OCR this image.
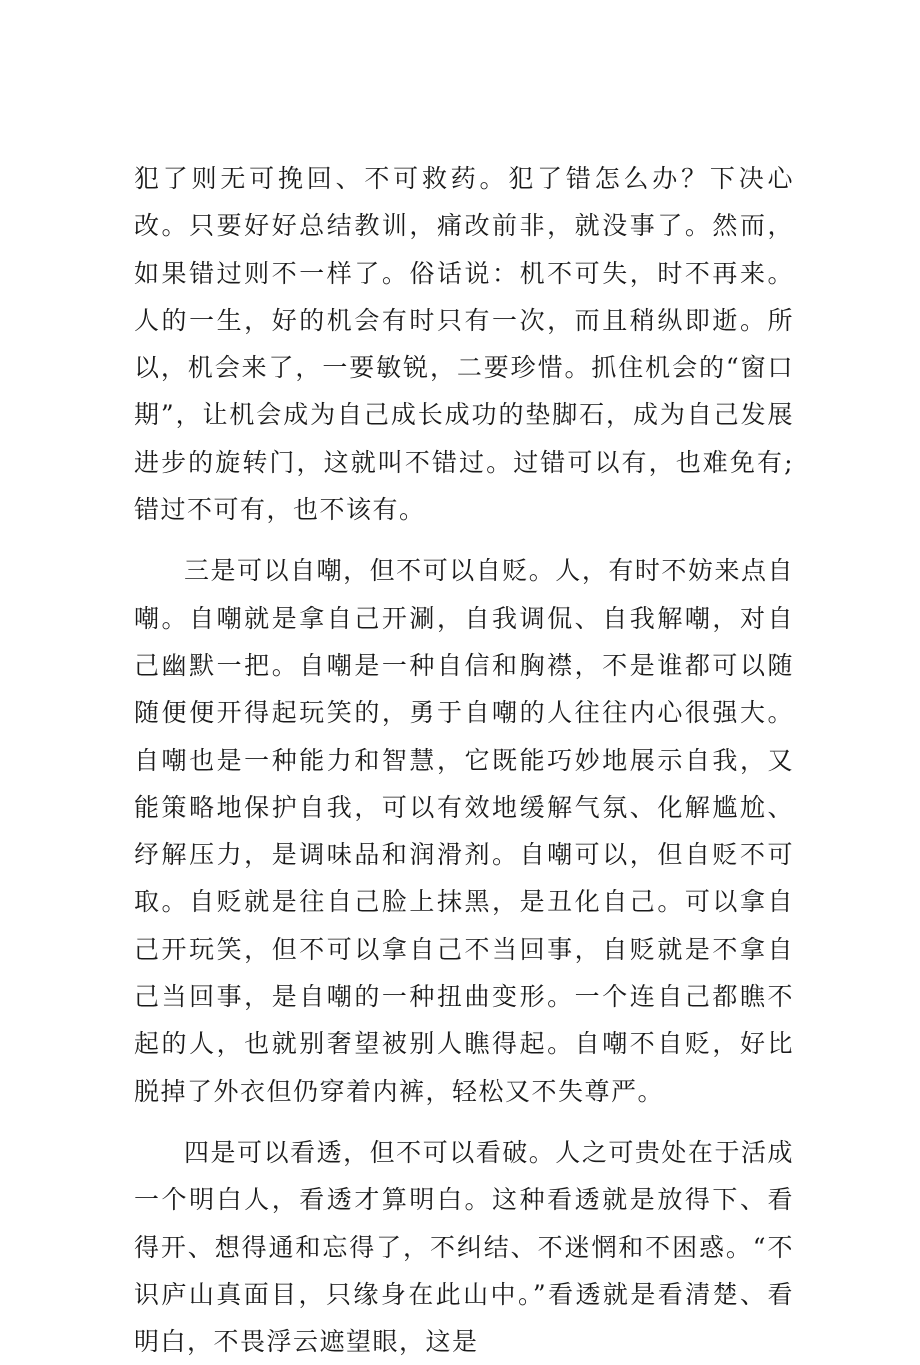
犯了则无可挽回、不可救药。犯了错怎么办？下决心改。只要好好总结教训，痛改前非，就没事了。然而，如果错过则不一样了。俗话说：机不可失，时不再来。人的一生，好的机会有时只有一次，而且稍纵即逝。所以，机会来了，一要敏锐，二要珍惜。抓住机会的“窗口期”，让机会成为自己成长成功的垫脚石，成为自己发展进步的旋转门，这就叫不错过。过错可以有，也难免有;错过不可有，也不该有。

三是可以自嘲，但不可以自贬。人，有时不妨来点自嘲。自嘲就是拿自己开涮，自我调侃、自我解嘲，对自己幽默一把。自嘲是一种自信和胸襟，不是谁都可以随随便便开得起玩笑的，勇于自嘲的人往往内心很强大。自嘲也是一种能力和智慧，它既能巧妙地展示自我，又能策略地保护自我，可以有效地缓解气氛、化解尴尬、纾解压力，是调味品和润滑剂。自嘲可以，但自贬不可取。自贬就是往自己脸上抹黑，是丑化自己。可以拿自己开玩笑，但不可以拿自己不当回事，自贬就是不拿自己当回事，是自嘲的一种扭曲变形。一个连自己都瞧不起的人，也就别奢望被别人瞧得起。自嘲不自贬，好比脱掉了外衣但仍穿着内裤，轻松又不失尊严。

四是可以看透，但不可以看破。人之可贵处在于活成一个明白人，看透才算明白。这种看透就是放得下、看得开、想得通和忘得了，不纠结、不迷惘和不困惑。“不识庐山真面目，只缘身在此山中。”看透就是看清楚、看明白，不畏浮云遮望眼，这是
